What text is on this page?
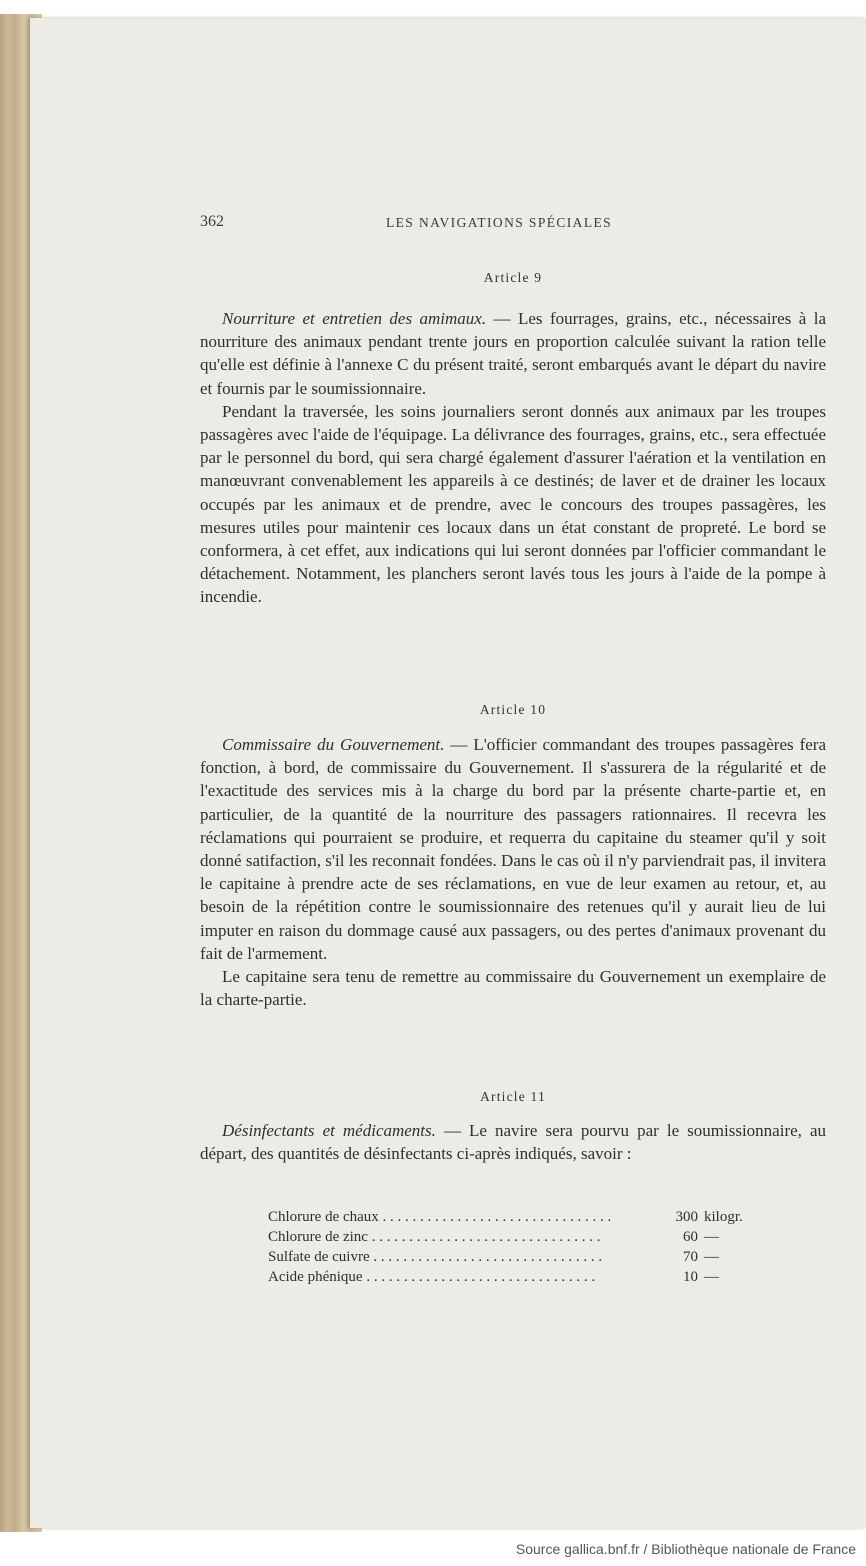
362	LES NAVIGATIONS SPÉCIALES
Article 9

Nourriture et entretien des amimaux. — Les fourrages, grains, etc., nécessaires à la nourriture des animaux pendant trente jours en proportion calculée suivant la ration telle qu'elle est définie à l'annexe C du présent traité, seront embarqués avant le départ du navire et fournis par le soumissionnaire.

Pendant la traversée, les soins journaliers seront donnés aux animaux par les troupes passagères avec l'aide de l'équipage. La délivrance des fourrages, grains, etc., sera effectuée par le personnel du bord, qui sera chargé également d'assurer l'aération et la ventilation en manœuvrant convenablement les appareils à ce destinés; de laver et de drainer les locaux occupés par les animaux et de prendre, avec le concours des troupes passagères, les mesures utiles pour maintenir ces locaux dans un état constant de propreté. Le bord se conformera, à cet effet, aux indications qui lui seront données par l'officier commandant le détachement. Notamment, les planchers seront lavés tous les jours à l'aide de la pompe à incendie.

Article 10

Commissaire du Gouvernement. — L'officier commandant des troupes passagères fera fonction, à bord, de commissaire du Gouvernement. Il s'assurera de la régularité et de l'exactitude des services mis à la charge du bord par la présente charte-partie et, en particulier, de la quantité de la nourriture des passagers rationnaires. Il recevra les réclamations qui pourraient se produire, et requerra du capitaine du steamer qu'il y soit donné satifaction, s'il les reconnait fondées. Dans le cas où il n'y parviendrait pas, il invitera le capitaine à prendre acte de ses réclamations, en vue de leur examen au retour, et, au besoin de la répétition contre le soumissionnaire des retenues qu'il y aurait lieu de lui imputer en raison du dommage causé aux passagers, ou des pertes d'animaux provenant du fait de l'armement.

Le capitaine sera tenu de remettre au commissaire du Gouvernement un exemplaire de la charte-partie.

Article 11

Désinfectants et médicaments. — Le navire sera pourvu par le soumissionnaire, au départ, des quantités de désinfectants ci-après indiqués, savoir :

Chlorure de chaux . . . . . . . . . . . . . . . . . . . . . . . . . . . . . . .	300 kilogr.
Chlorure de zinc . . . . . . . . . . . . . . . . . . . . . . . . . . . . . . .	60 —
Sulfate de cuivre . . . . . . . . . . . . . . . . . . . . . . . . . . . . . . .	70 —
Acide phénique . . . . . . . . . . . . . . . . . . . . . . . . . . . . . . .	10 —
Source gallica.bnf.fr / Bibliothèque nationale de France
